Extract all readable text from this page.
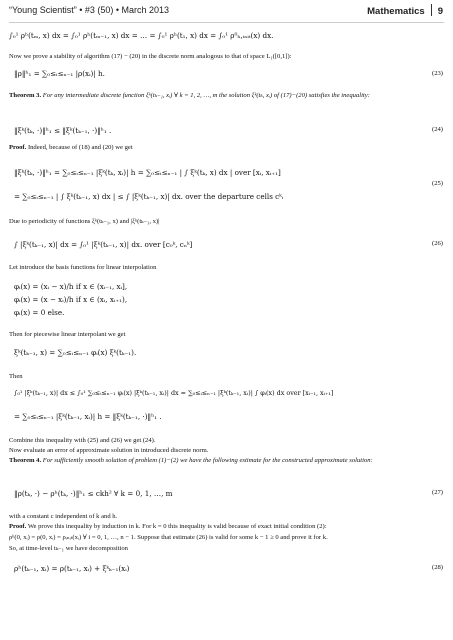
“Young Scientist” • #3 (50) • March 2013	Mathematics 9
∫₀¹ ρʰ(tₘ, x) dx = ∫₀¹ ρʰ(tₘ₋₁, x) dx = … = ∫₀¹ ρʰ(t₁, x) dx = ∫₀¹ ρ⁰ₕ,ᵢₙᵢₜ(x) dx.
Now we prove a stability of algorithm (17) − (20) in the discrete norm analogous to that of space L₁([0,1]):
‖ρ‖ʰ₁ = ∑₀≤ᵢ≤ₙ₋₁ |ρ(xᵢ)| h.	(23)
Theorem 3. For any intermediate discrete function ξᵏ(tₖ₋₁, xᵢ) ∀ k = 1, 2, …, m the solution ξᵏ(tₖ, xᵢ) of (17)−(20) satisfies the inequality:
‖ξᵏ(tₖ, ·)‖ʰ₁ ≤ ‖ξᵏ(tₖ₋₁, ·)‖ʰ₁ .	(24)
Proof. Indeed, because of (18) and (20) we get
‖ξᵏ(tₖ, ·)‖ʰ₁ = ∑₀≤ᵢ≤ₙ₋₁ |ξᵏ(tₖ, xᵢ)| h = ∑₀≤ᵢ≤ₙ₋₁ | ∫ ξᵏ(tₖ, x) dx | over [xᵢ, xᵢ₊₁]
= ∑₀≤ᵢ≤ₙ₋₁ | ∫ ξᵏ(tₖ₋₁, x) dx | ≤ ∫ |ξᵏ(tₖ₋₁, x)| dx. over the departure cells cᵏᵢ
(25)
Due to periodicity of functions ξᵏ(tₖ₋₁, x) and |ξᵏ(tₖ₋₁, x)|
∫ |ξᵏ(tₖ₋₁, x)| dx = ∫₀¹ |ξᵏ(tₖ₋₁, x)| dx. over [c₀ᵏ, cₙᵏ]	(26)
Let introduce the basis functions for linear interpolation
φᵢ(x) = (xᵢ − x)/h if x ∈ (xᵢ₋₁, xᵢ],
φᵢ(x) = (x − xᵢ)/h if x ∈ (xᵢ, xᵢ₊₁),
φᵢ(x) = 0 else.
Then for piecewise linear interpolant we get
ξᵏ(tₖ₋₁, x) = ∑₀≤ᵢ≤ₙ₋₁ φᵢ(x) ξᵏ(tₖ₋₁).
Then
∫₀¹ |ξᵏ(tₖ₋₁, x)| dx ≤ ∫₀¹ ∑₀≤ᵢ≤ₙ₋₁ φᵢ(x) |ξᵏ(tₖ₋₁, xᵢ)| dx = ∑₀≤ᵢ≤ₙ₋₁ |ξᵏ(tₖ₋₁, xᵢ)| ∫ φᵢ(x) dx over [xᵢ₋₁, xᵢ₊₁]
= ∑₀≤ᵢ≤ₙ₋₁ |ξᵏ(tₖ₋₁, xᵢ)| h = ‖ξᵏ(tₖ₋₁, ·)‖ʰ₁ .
Combine this inequality with (25) and (26) we get (24).
Now evaluate an error of approximate solution in introduced discrete norm.
Theorem 4. For sufficiently smooth solution of problem (1)−(2) we have the following estimate for the constructed approximate solution:
‖ρ(tₖ, ·) − ρʰ(tₖ, ·)‖ʰ₁ ≤ ckh² ∀ k = 0, 1, …, m	(27)
with a constant c independent of k and h.
Proof. We prove this inequality by induction in k. For k = 0 this inequality is valid because of exact initial condition (2):
ρʰ(0, xᵢ) = ρ(0, xᵢ) = ρᵢₙᵢₜ(xᵢ) ∀ i = 0, 1, …, n − 1. Suppose that estimate (26) is valid for some k − 1 ≥ 0 and prove it for k.
So, at time-level tₖ₋₁ we have decomposition
ρʰ(tₖ₋₁, xᵢ) = ρ(tₖ₋₁, xᵢ) + ξᵏₖ₋₁(xᵢ)	(28)
